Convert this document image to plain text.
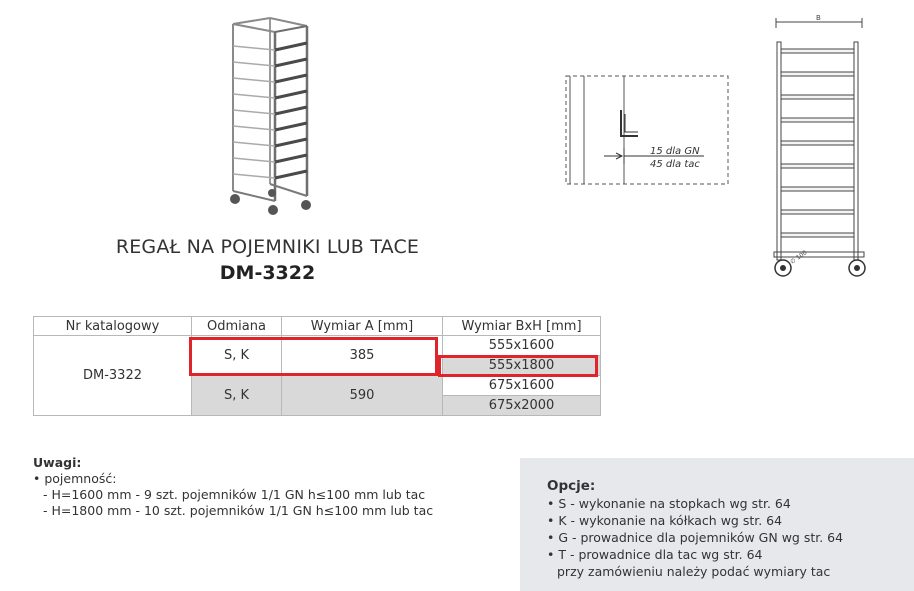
REGAŁ NA POJEMNIKI LUB TACE
DM-3322
15 dla GN
45 dla tac
B
∅ 100
Nr katalogowy	Odmiana	Wymiar A [mm]	Wymiar BxH [mm]
DM-3322	S, K	385	555x1600
			555x1800
	S, K	590	675x1600
			675x2000
Uwagi:
• pojemność:
- H=1600 mm - 9 szt. pojemników 1/1 GN h≤100 mm lub tac
- H=1800 mm - 10 szt. pojemników 1/1 GN h≤100 mm lub tac
Opcje:
• S - wykonanie na stopkach wg str. 64
• K - wykonanie na kółkach wg str. 64
• G - prowadnice dla pojemników GN wg str. 64
• T - prowadnice dla tac wg str. 64
przy zamówieniu należy podać wymiary tac
